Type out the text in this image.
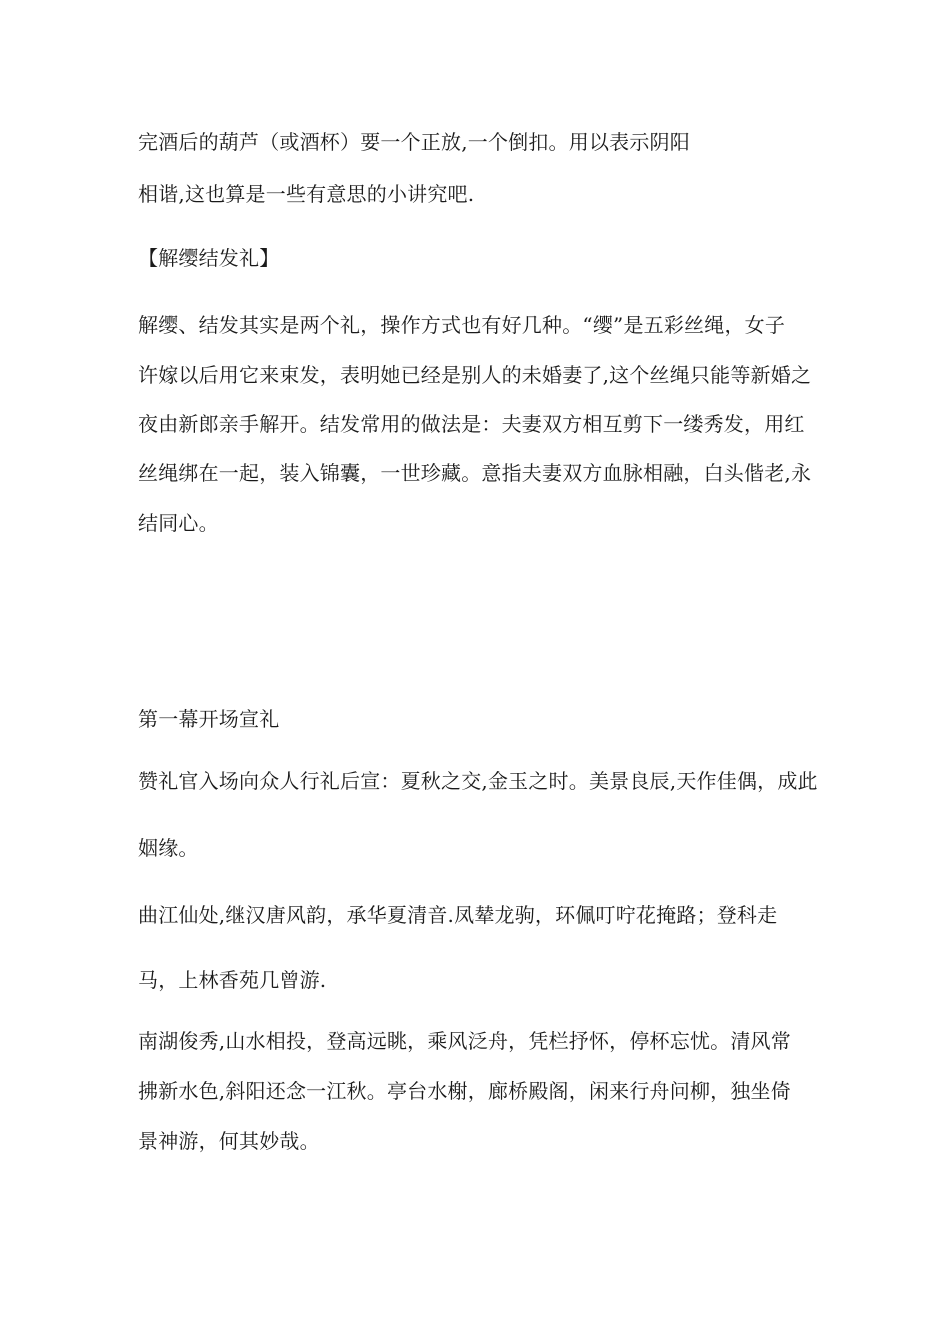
完酒后的葫芦（或酒杯）要一个正放,一个倒扣。用以表示阴阳
相谐,这也算是一些有意思的小讲究吧.
【解缨结发礼】
解缨、结发其实是两个礼，操作方式也有好几种。“缨”是五彩丝绳，女子
许嫁以后用它来束发，表明她已经是别人的未婚妻了,这个丝绳只能等新婚之
夜由新郎亲手解开。结发常用的做法是：夫妻双方相互剪下一缕秀发，用红
丝绳绑在一起，装入锦囊，一世珍藏。意指夫妻双方血脉相融，白头偕老,永
结同心。
第一幕开场宣礼
赞礼官入场向众人行礼后宣：夏秋之交,金玉之时。美景良辰,天作佳偶，成此
姻缘。
曲江仙处,继汉唐风韵，承华夏清音.凤辇龙驹，环佩叮咛花掩路；登科走
马，上林香苑几曾游.
南湖俊秀,山水相投，登高远眺，乘风泛舟，凭栏抒怀，停杯忘忧。清风常
拂新水色,斜阳还念一江秋。亭台水榭，廊桥殿阁，闲来行舟问柳，独坐倚
景神游，何其妙哉。
